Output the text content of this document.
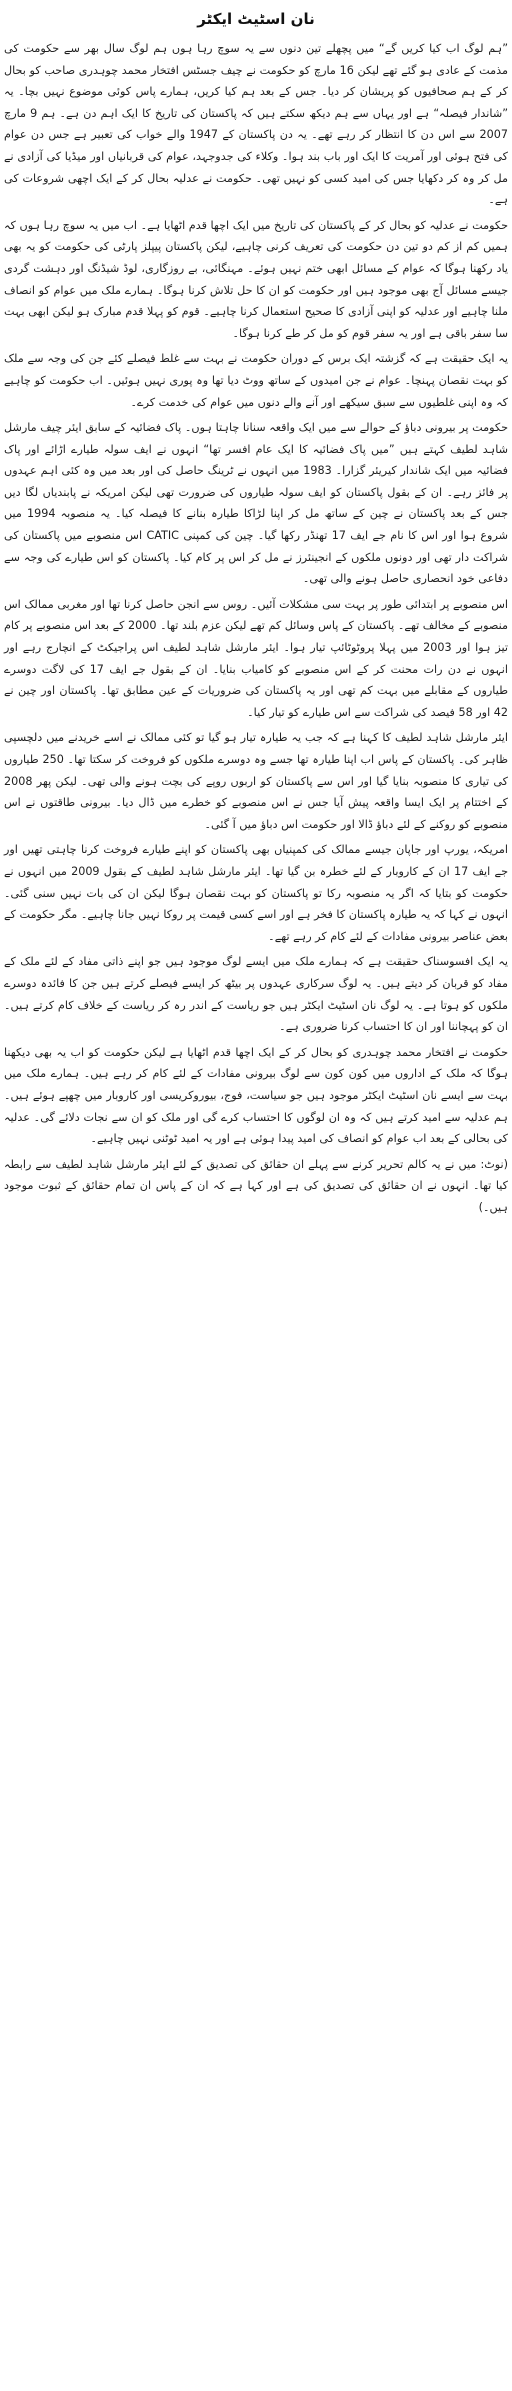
نان اسٹیٹ ایکٹر

”ہم لوگ اب کیا کریں گے“ میں پچھلے تین دنوں سے یہ سوچ رہا ہوں ہم لوگ سال بھر سے حکومت کی مذمت کے عادی ہو گئے تھے لیکن 16 مارچ کو حکومت نے چیف جسٹس افتخار محمد چوہدری صاحب کو بحال کر کے ہم صحافیوں کو پریشان کر دیا۔ جس کے بعد ہم کیا کریں، ہمارے پاس کوئی موضوع نہیں بچا۔ یہ ”شاندار فیصلہ“ ہے اور یہاں سے ہم دیکھ سکتے ہیں کہ پاکستان کی تاریخ کا ایک اہم دن ہے۔ ہم 9 مارچ 2007 سے اس دن کا انتظار کر رہے تھے۔ یہ دن پاکستان کے 1947 والے خواب کی تعبیر ہے جس دن عوام کی فتح ہوئی اور آمریت کا ایک اور باب بند ہوا۔ وکلاء کی جدوجہد، عوام کی قربانیاں اور میڈیا کی آزادی نے مل کر وہ کر دکھایا جس کی امید کسی کو نہیں تھی۔ حکومت نے عدلیہ بحال کر کے ایک اچھی شروعات کی ہے۔

حکومت نے عدلیہ کو بحال کر کے پاکستان کی تاریخ میں ایک اچھا قدم اٹھایا ہے۔ اب میں یہ سوچ رہا ہوں کہ ہمیں کم از کم دو تین دن حکومت کی تعریف کرنی چاہیے، لیکن پاکستان پیپلز پارٹی کی حکومت کو یہ بھی یاد رکھنا ہوگا کہ عوام کے مسائل ابھی ختم نہیں ہوئے۔ مہنگائی، بے روزگاری، لوڈ شیڈنگ اور دہشت گردی جیسے مسائل آج بھی موجود ہیں اور حکومت کو ان کا حل تلاش کرنا ہوگا۔ ہمارے ملک میں عوام کو انصاف ملنا چاہیے اور عدلیہ کو اپنی آزادی کا صحیح استعمال کرنا چاہیے۔ قوم کو پہلا قدم مبارک ہو لیکن ابھی بہت سا سفر باقی ہے اور یہ سفر قوم کو مل کر طے کرنا ہوگا۔

یہ ایک حقیقت ہے کہ گزشتہ ایک برس کے دوران حکومت نے بہت سے غلط فیصلے کئے جن کی وجہ سے ملک کو بہت نقصان پہنچا۔ عوام نے جن امیدوں کے ساتھ ووٹ دیا تھا وہ پوری نہیں ہوئیں۔ اب حکومت کو چاہیے کہ وہ اپنی غلطیوں سے سبق سیکھے اور آنے والے دنوں میں عوام کی خدمت کرے۔

حکومت پر بیرونی دباؤ کے حوالے سے میں ایک واقعہ سنانا چاہتا ہوں۔ پاک فضائیہ کے سابق ایئر چیف مارشل شاہد لطیف کہتے ہیں ”میں پاک فضائیہ کا ایک عام افسر تھا“ انہوں نے ایف سولہ طیارے اڑائے اور پاک فضائیہ میں ایک شاندار کیریئر گزارا۔ 1983 میں انہوں نے ٹرینگ حاصل کی اور بعد میں وہ کئی اہم عہدوں پر فائز رہے۔ ان کے بقول پاکستان کو ایف سولہ طیاروں کی ضرورت تھی لیکن امریکہ نے پابندیاں لگا دیں جس کے بعد پاکستان نے چین کے ساتھ مل کر اپنا لڑاکا طیارہ بنانے کا فیصلہ کیا۔ یہ منصوبہ 1994 میں شروع ہوا اور اس کا نام جے ایف 17 تھنڈر رکھا گیا۔ چین کی کمپنی CATIC اس منصوبے میں پاکستان کی شراکت دار تھی اور دونوں ملکوں کے انجینئرز نے مل کر اس پر کام کیا۔ پاکستان کو اس طیارے کی وجہ سے دفاعی خود انحصاری حاصل ہونے والی تھی۔

اس منصوبے پر ابتدائی طور پر بہت سی مشکلات آئیں۔ روس سے انجن حاصل کرنا تھا اور مغربی ممالک اس منصوبے کے مخالف تھے۔ پاکستان کے پاس وسائل کم تھے لیکن عزم بلند تھا۔ 2000 کے بعد اس منصوبے پر کام تیز ہوا اور 2003 میں پہلا پروٹوٹائپ تیار ہوا۔ ایئر مارشل شاہد لطیف اس پراجیکٹ کے انچارج رہے اور انہوں نے دن رات محنت کر کے اس منصوبے کو کامیاب بنایا۔ ان کے بقول جے ایف 17 کی لاگت دوسرے طیاروں کے مقابلے میں بہت کم تھی اور یہ پاکستان کی ضروریات کے عین مطابق تھا۔ پاکستان اور چین نے 42 اور 58 فیصد کی شراکت سے اس طیارے کو تیار کیا۔

ایئر مارشل شاہد لطیف کا کہنا ہے کہ جب یہ طیارہ تیار ہو گیا تو کئی ممالک نے اسے خریدنے میں دلچسپی ظاہر کی۔ پاکستان کے پاس اب اپنا طیارہ تھا جسے وہ دوسرے ملکوں کو فروخت کر سکتا تھا۔ 250 طیاروں کی تیاری کا منصوبہ بنایا گیا اور اس سے پاکستان کو اربوں روپے کی بچت ہونے والی تھی۔ لیکن پھر 2008 کے اختتام پر ایک ایسا واقعہ پیش آیا جس نے اس منصوبے کو خطرے میں ڈال دیا۔ بیرونی طاقتوں نے اس منصوبے کو روکنے کے لئے دباؤ ڈالا اور حکومت اس دباؤ میں آ گئی۔

امریکہ، یورپ اور جاپان جیسے ممالک کی کمپنیاں بھی پاکستان کو اپنے طیارے فروخت کرنا چاہتی تھیں اور جے ایف 17 ان کے کاروبار کے لئے خطرہ بن گیا تھا۔ ایئر مارشل شاہد لطیف کے بقول 2009 میں انہوں نے حکومت کو بتایا کہ اگر یہ منصوبہ رکا تو پاکستان کو بہت نقصان ہوگا لیکن ان کی بات نہیں سنی گئی۔ انہوں نے کہا کہ یہ طیارہ پاکستان کا فخر ہے اور اسے کسی قیمت پر روکا نہیں جانا چاہیے۔ مگر حکومت کے بعض عناصر بیرونی مفادات کے لئے کام کر رہے تھے۔

یہ ایک افسوسناک حقیقت ہے کہ ہمارے ملک میں ایسے لوگ موجود ہیں جو اپنے ذاتی مفاد کے لئے ملک کے مفاد کو قربان کر دیتے ہیں۔ یہ لوگ سرکاری عہدوں پر بیٹھ کر ایسے فیصلے کرتے ہیں جن کا فائدہ دوسرے ملکوں کو ہوتا ہے۔ یہ لوگ نان اسٹیٹ ایکٹر ہیں جو ریاست کے اندر رہ کر ریاست کے خلاف کام کرتے ہیں۔ ان کو پہچاننا اور ان کا احتساب کرنا ضروری ہے۔

حکومت نے افتخار محمد چوہدری کو بحال کر کے ایک اچھا قدم اٹھایا ہے لیکن حکومت کو اب یہ بھی دیکھنا ہوگا کہ ملک کے اداروں میں کون کون سے لوگ بیرونی مفادات کے لئے کام کر رہے ہیں۔ ہمارے ملک میں بہت سے ایسے نان اسٹیٹ ایکٹر موجود ہیں جو سیاست، فوج، بیوروکریسی اور کاروبار میں چھپے ہوئے ہیں۔ ہم عدلیہ سے امید کرتے ہیں کہ وہ ان لوگوں کا احتساب کرے گی اور ملک کو ان سے نجات دلائے گی۔ عدلیہ کی بحالی کے بعد اب عوام کو انصاف کی امید پیدا ہوئی ہے اور یہ امید ٹوٹنی نہیں چاہیے۔

(نوٹ: میں نے یہ کالم تحریر کرنے سے پہلے ان حقائق کی تصدیق کے لئے ایئر مارشل شاہد لطیف سے رابطہ کیا تھا۔ انہوں نے ان حقائق کی تصدیق کی ہے اور کہا ہے کہ ان کے پاس ان تمام حقائق کے ثبوت موجود ہیں۔)
